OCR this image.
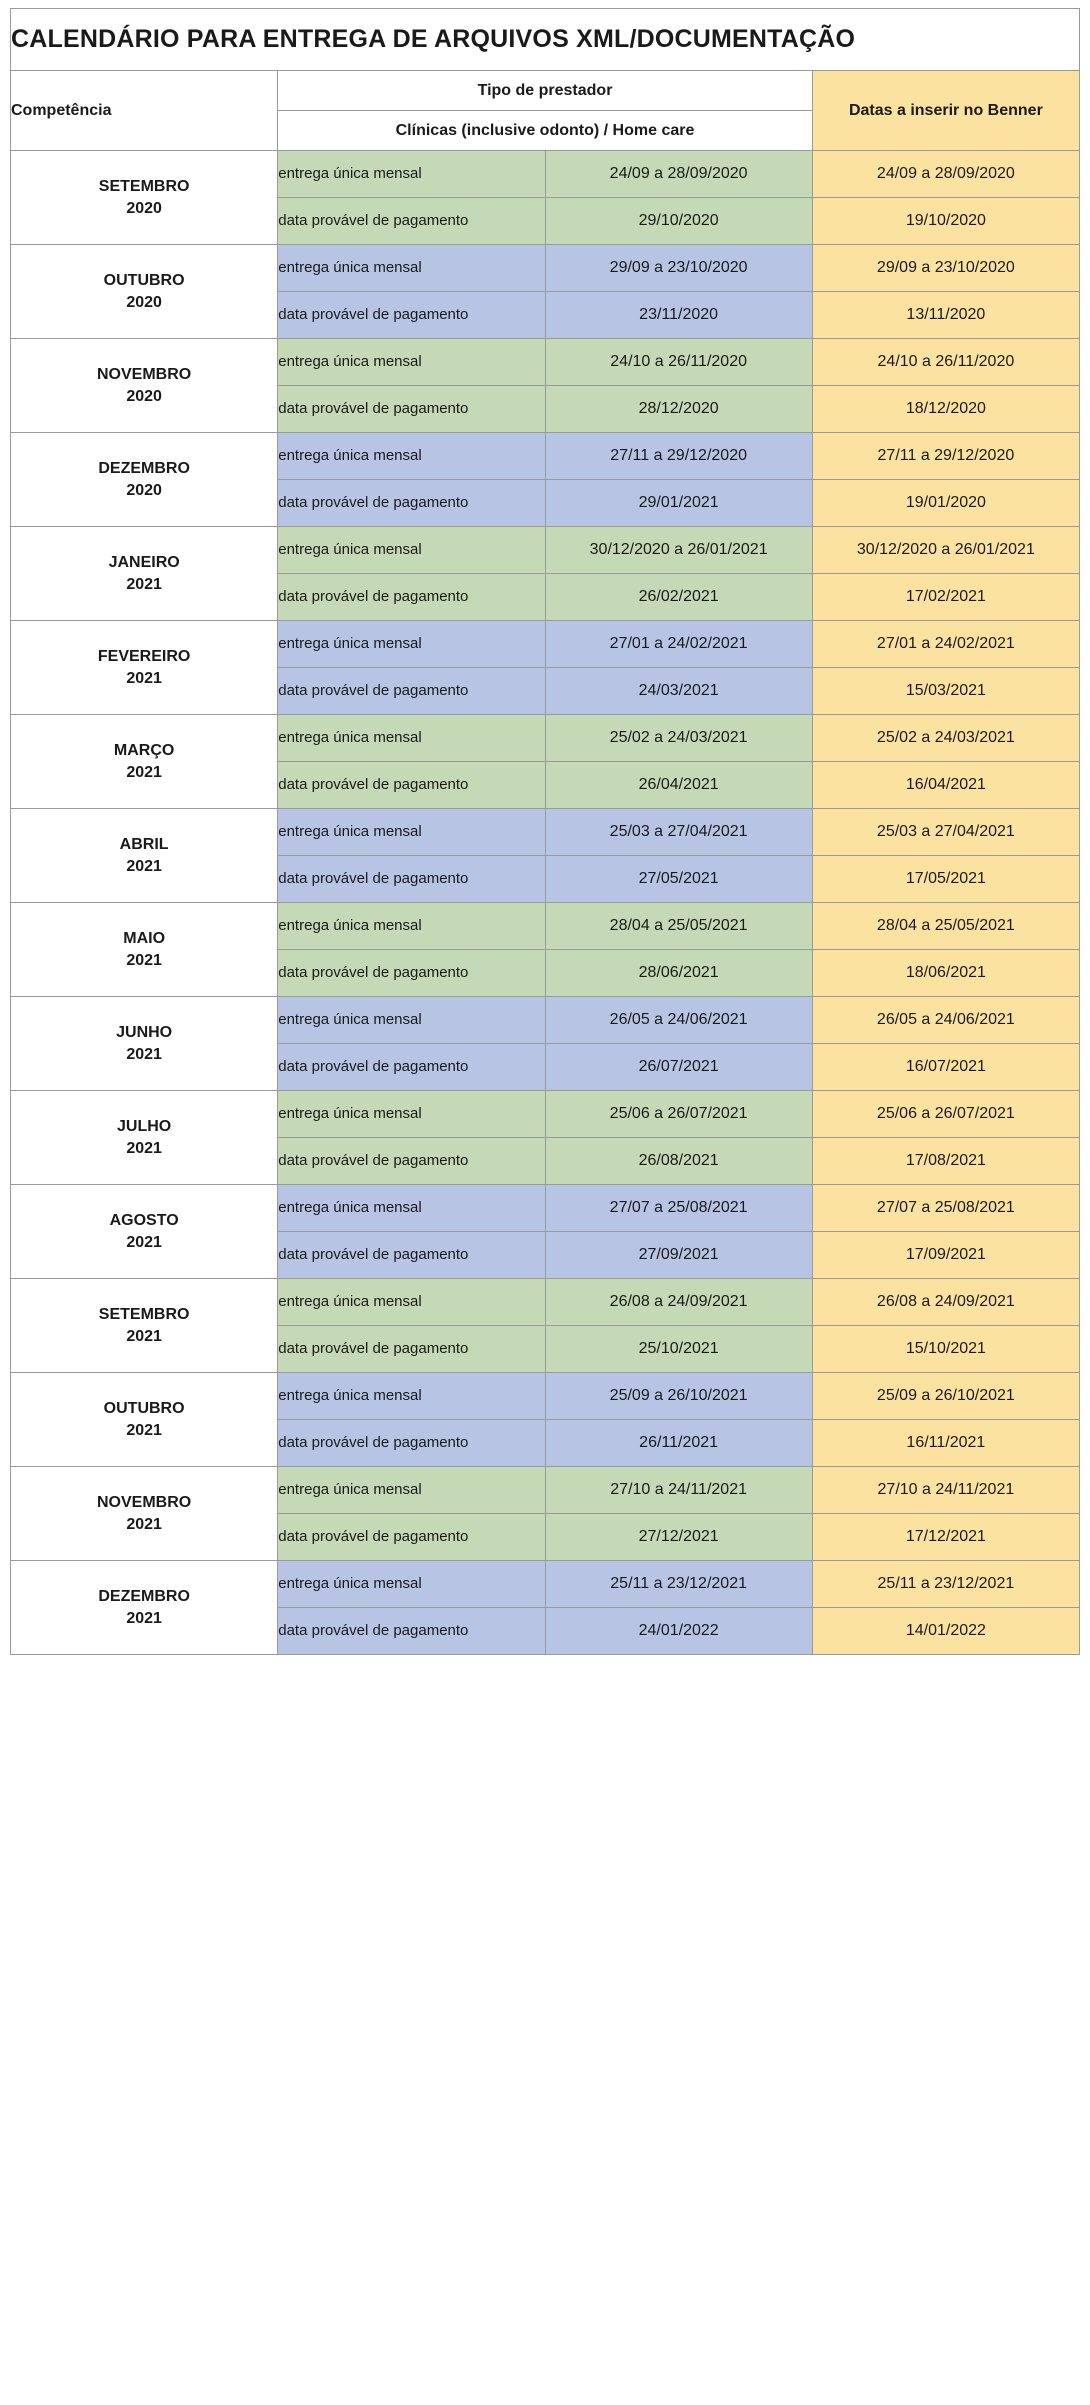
CALENDÁRIO PARA ENTREGA DE ARQUIVOS XML/DOCUMENTAÇÃO			
Competência	Tipo de prestador		Datas a inserir no Benner
	Clínicas (inclusive odonto) / Home care		

SETEMBRO
2020	entrega única mensal	24/09 a 28/09/2020	24/09 a 28/09/2020
	data provável de pagamento	29/10/2020	19/10/2020

OUTUBRO
2020	entrega única mensal	29/09 a 23/10/2020	29/09 a 23/10/2020
	data provável de pagamento	23/11/2020	13/11/2020

NOVEMBRO
2020	entrega única mensal	24/10 a 26/11/2020	24/10 a 26/11/2020
	data provável de pagamento	28/12/2020	18/12/2020

DEZEMBRO
2020	entrega única mensal	27/11 a 29/12/2020	27/11 a 29/12/2020
	data provável de pagamento	29/01/2021	19/01/2020

JANEIRO
2021	entrega única mensal	30/12/2020 a 26/01/2021	30/12/2020 a 26/01/2021
	data provável de pagamento	26/02/2021	17/02/2021

FEVEREIRO
2021	entrega única mensal	27/01 a 24/02/2021	27/01 a 24/02/2021
	data provável de pagamento	24/03/2021	15/03/2021

MARÇO
2021	entrega única mensal	25/02 a 24/03/2021	25/02 a 24/03/2021
	data provável de pagamento	26/04/2021	16/04/2021

ABRIL
2021	entrega única mensal	25/03 a 27/04/2021	25/03 a 27/04/2021
	data provável de pagamento	27/05/2021	17/05/2021

MAIO
2021	entrega única mensal	28/04 a 25/05/2021	28/04 a 25/05/2021
	data provável de pagamento	28/06/2021	18/06/2021

JUNHO
2021	entrega única mensal	26/05 a 24/06/2021	26/05 a 24/06/2021
	data provável de pagamento	26/07/2021	16/07/2021

JULHO
2021	entrega única mensal	25/06 a 26/07/2021	25/06 a 26/07/2021
	data provável de pagamento	26/08/2021	17/08/2021

AGOSTO
2021	entrega única mensal	27/07 a 25/08/2021	27/07 a 25/08/2021
	data provável de pagamento	27/09/2021	17/09/2021

SETEMBRO
2021	entrega única mensal	26/08 a 24/09/2021	26/08 a 24/09/2021
	data provável de pagamento	25/10/2021	15/10/2021

OUTUBRO
2021	entrega única mensal	25/09 a 26/10/2021	25/09 a 26/10/2021
	data provável de pagamento	26/11/2021	16/11/2021

NOVEMBRO
2021	entrega única mensal	27/10 a 24/11/2021	27/10 a 24/11/2021
	data provável de pagamento	27/12/2021	17/12/2021

DEZEMBRO
2021	entrega única mensal	25/11 a 23/12/2021	25/11 a 23/12/2021
	data provável de pagamento	24/01/2022	14/01/2022
